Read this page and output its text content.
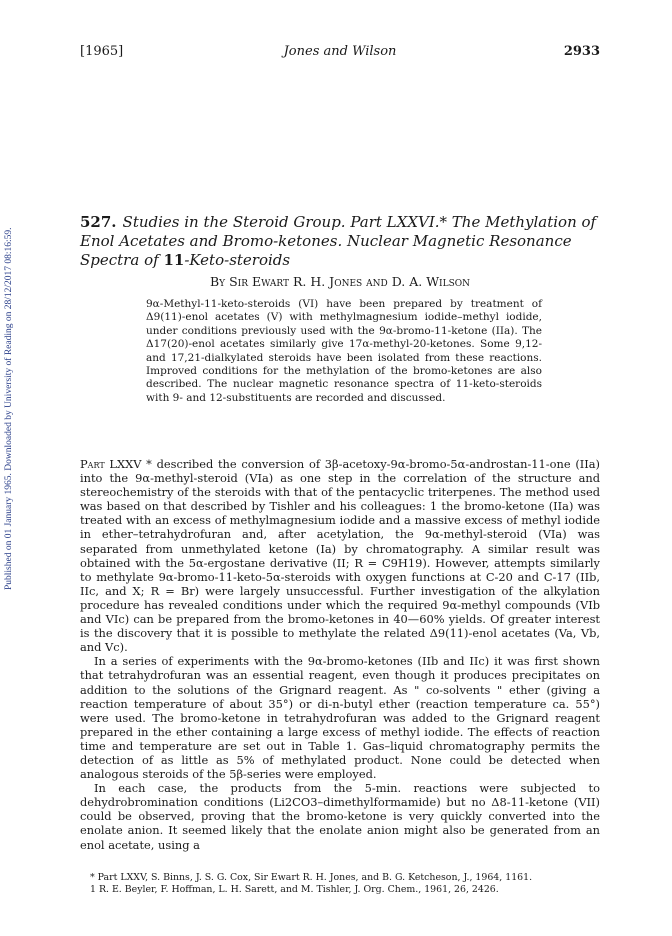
Published on 01 January 1965. Downloaded by University of Reading on 28/12/2017 08:16:59.
[1965]	Jones and Wilson	2933
527. Studies in the Steroid Group. Part LXXVI.* The Methylation of Enol Acetates and Bromo-ketones. Nuclear Magnetic Resonance Spectra of 11-Keto-steroids
By Sir Ewart R. H. Jones and D. A. Wilson
9α-Methyl-11-keto-steroids (VI) have been prepared by treatment of Δ9(11)-enol acetates (V) with methylmagnesium iodide–methyl iodide, under conditions previously used with the 9α-bromo-11-ketone (IIa). The Δ17(20)-enol acetates similarly give 17α-methyl-20-ketones. Some 9,12- and 17,21-dialkylated steroids have been isolated from these reactions. Improved conditions for the methylation of the bromo-ketones are also described. The nuclear magnetic resonance spectra of 11-keto-steroids with 9- and 12-substituents are recorded and discussed.

Part LXXV * described the conversion of 3β-acetoxy-9α-bromo-5α-androstan-11-one (IIa) into the 9α-methyl-steroid (VIa) as one step in the correlation of the structure and stereochemistry of the steroids with that of the pentacyclic triterpenes. The method used was based on that described by Tishler and his colleagues: 1 the bromo-ketone (IIa) was treated with an excess of methylmagnesium iodide and a massive excess of methyl iodide in ether–tetrahydrofuran and, after acetylation, the 9α-methyl-steroid (VIa) was separated from unmethylated ketone (Ia) by chromatography. A similar result was obtained with the 5α-ergostane derivative (II; R = C9H19). However, attempts similarly to methylate 9α-bromo-11-keto-5α-steroids with oxygen functions at C-20 and C-17 (IIb, IIc, and X; R = Br) were largely unsuccessful. Further investigation of the alkylation procedure has revealed conditions under which the required 9α-methyl compounds (VIb and VIc) can be prepared from the bromo-ketones in 40—60% yields. Of greater interest is the discovery that it is possible to methylate the related Δ9(11)-enol acetates (Va, Vb, and Vc).

In a series of experiments with the 9α-bromo-ketones (IIb and IIc) it was first shown that tetrahydrofuran was an essential reagent, even though it produces precipitates on addition to the solutions of the Grignard reagent. As " co-solvents " ether (giving a reaction temperature of about 35°) or di-n-butyl ether (reaction temperature ca. 55°) were used. The bromo-ketone in tetrahydrofuran was added to the Grignard reagent prepared in the ether containing a large excess of methyl iodide. The effects of reaction time and temperature are set out in Table 1. Gas–liquid chromatography permits the detection of as little as 5% of methylated product. None could be detected when analogous steroids of the 5β-series were employed.

In each case, the products from the 5-min. reactions were subjected to dehydrobromination conditions (Li2CO3–dimethylformamide) but no Δ8-11-ketone (VII) could be observed, proving that the bromo-ketone is very quickly converted into the enolate anion. It seemed likely that the enolate anion might also be generated from an enol acetate, using a

* Part LXXV, S. Binns, J. S. G. Cox, Sir Ewart R. H. Jones, and B. G. Ketcheson, J., 1964, 1161.

1 R. E. Beyler, F. Hoffman, L. H. Sarett, and M. Tishler, J. Org. Chem., 1961, 26, 2426.
